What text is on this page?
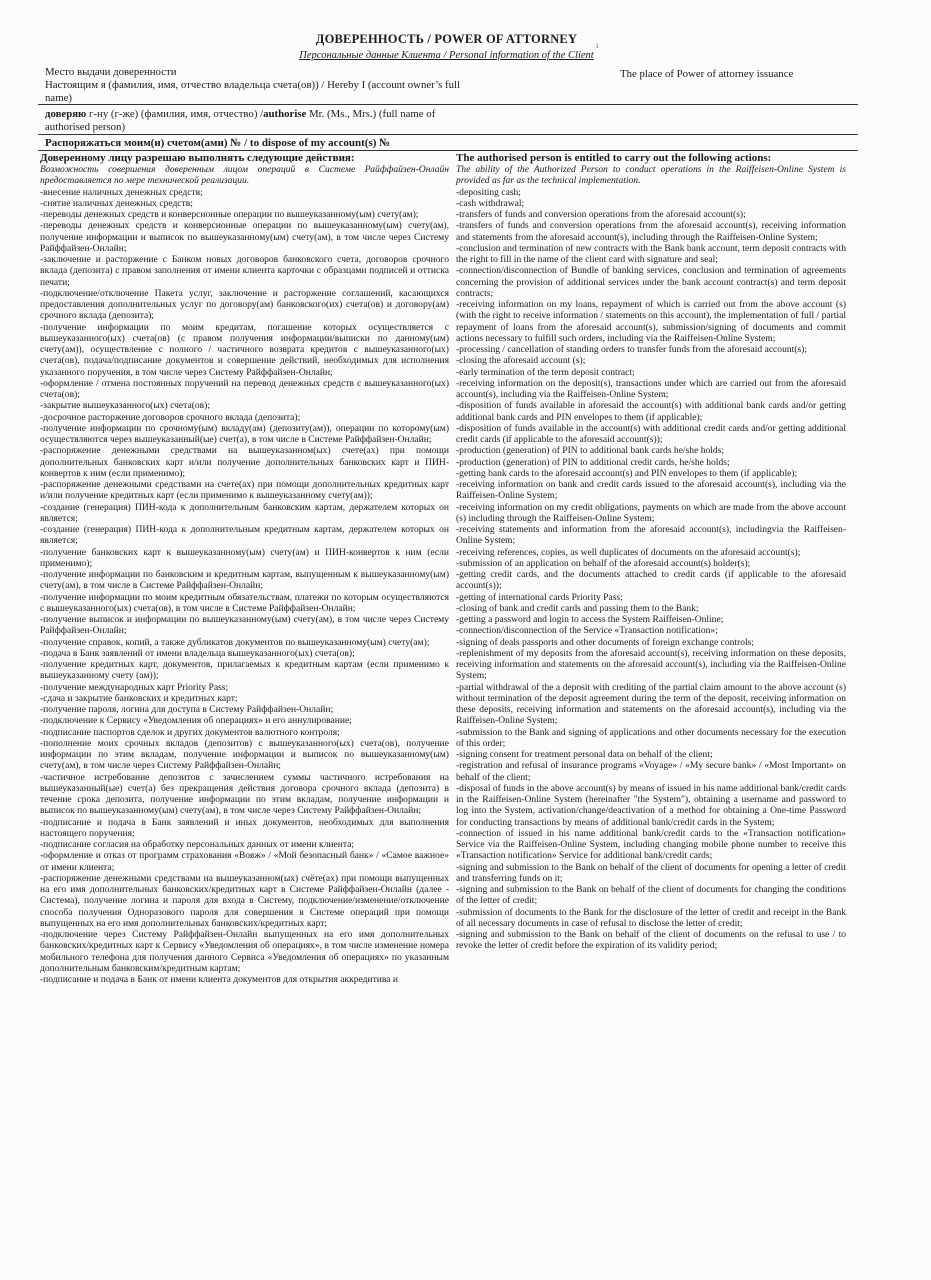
ДОВЕРЕННОСТЬ / POWER OF ATTORNEY	ı
Персональные данные Клиента / Personal information of the Client
Место выдачи доверенности	The place of Power of attorney issuance
Настоящим я (фамилия, имя, отчество владельца счета(ов)) / Hereby I (account owner’s full name)
доверяю г-ну (г-же) (фамилия, имя, отчество) /authorise Mr. (Ms., Mrs.) (full name of authorised person)
Распоряжаться моим(и) счетом(ами) № / to dispose of my account(s) №

Доверенному лицу разрешаю выполнять следующие действия:

Возможность совершения доверенным лицом операций в Системе Райффайзен-Онлайн предоставляется по мере технической реализации.

-внесение наличных денежных средств;

-снятие наличных денежных средств;

-переводы денежных средств и конверсионные операции по вышеуказанному(ым) счету(ам);

-переводы денежных средств и конверсионные операции по вышеуказанному(ым) счету(ам), получение информации и выписок по вышеуказанному(ым) счету(ам), в том числе через Систему Райффайзен-Онлайн;

-заключение и расторжение с Банком новых договоров банковского счета, договоров срочного вклада (депозита) с правом заполнения от имени клиента карточки с образцами подписей и оттиска печати;

-подключение/отключение Пакета услуг, заключение и расторжение соглашений, касающихся предоставления дополнительных услуг по договору(ам) банковского(их) счета(ов) и договору(ам) срочного вклада (депозита);

-получение информации по моим кредитам, погашение которых осуществляется с вышеуказанного(ых) счета(ов) (с правом получения информации/выписки по данному(ым) счету(ам)), осуществление с полного / частичного возврата кредитов с вышеуказанного(ых) счета(ов), подача/подписание документов и совершение действий, необходимых для исполнения указанного поручения, в том числе через Систему Райффайзен-Онлайн;

-оформление / отмена постоянных поручений на перевод денежных средств с вышеуказанного(ых) счета(ов);

-закрытие вышеуказанного(ых) счета(ов);

-досрочное расторжение договоров срочного вклада (депозита);

-получение информации по срочному(ым) вкладу(ам) (депозиту(ам)), операции по которому(ым) осуществляются через вышеуказанный(ые) счет(а), в том числе в Системе Райффайзен-Онлайн;

-распоряжение денежными средствами на вышеуказанном(ых) счете(ах) при помощи дополнительных банковских карт и/или получение дополнительных банковских карт и ПИН-конвертов к ним (если применимо);

-распоряжение денежными средствами на счете(ах) при помощи дополнительных кредитных карт и/или получение кредитных карт (если применимо к вышеуказанному счету(ам));

-создание (генерация) ПИН-кода к дополнительным банковским картам, держателем которых он является;

-создание (генерация) ПИН-кода к дополнительным кредитным картам, держателем которых он является;

-получение банковских карт к вышеуказанному(ым) счету(ам) и ПИН-конвертов к ним (если применимо);

-получение информации по банковским и кредитным картам, выпущенным к вышеуказанному(ым) счету(ам), в том числе в Системе Райффайзен-Онлайн;

-получение информации по моим кредитным обязательствам, платежи по которым осуществляются с вышеуказанного(ых) счета(ов), в том числе в Системе Райффайзен-Онлайн;

-получение выписок и информации по вышеуказанному(ым) счету(ам), в том числе через Систему Райффайзен-Онлайн;

-получение справок, копий, а также дубликатов документов по вышеуказанному(ым) счету(ам);

-подача в Банк заявлений от имени владельца вышеуказанного(ых) счета(ов);

-получение кредитных карт, документов, прилагаемых к кредитным картам (если применимо к вышеуказанному счету (ам));

-получение международных карт Priority Pass;

-сдача и закрытие банковских и кредитных карт;

-получение пароля, логина для доступа в Систему Райффайзен-Онлайн;

-подключение к Сервису «Уведомления об операциях» и его аннулирование;

-подписание паспортов сделок и других документов валютного контроля;

-пополнение моих срочных вкладов (депозитов) с вышеуказанного(ых) счета(ов), получение информации по этим вкладам, получение информации и выписок по вышеуказанному(ым) счету(ам), в том числе через Систему Райффайзен-Онлайн;

-частичное истребование депозитов с зачислением суммы частичного истребования на вышеуказанный(ые) счет(а) без прекращения действия договора срочного вклада (депозита) в течение срока депозита, получение информации по этим вкладам, получение информации и выписок по вышеуказанному(ым) счету(ам), в том числе через Систему Райффайзен-Онлайн;

-подписание и подача в Банк заявлений и иных документов, необходимых для выполнения настоящего поручения;

-подписание согласия на обработку персональных данных от имени клиента;

-оформление и отказ от программ страхования «Вояж» / «Мой безопасный банк» / «Самое важное» от имени клиента;

-распоряжение денежными средствами на вышеуказанном(ых) счёте(ах) при помощи выпущенных на его имя дополнительных банковских/кредитных карт в Системе Райффайзен-Онлайн (далее - Система), получение логина и пароля для входа в Систему, подключение/изменение/отключение способа получения Одноразового пароля для совершения в Системе операций при помощи выпущенных на его имя дополнительных банковских/кредитных карт;

-подключение через Систему Райффайзен-Онлайн выпущенных на его имя дополнительных банковских/кредитных карт к Сервису «Уведомления об операциях», в том числе изменение номера мобильного телефона для получения данного Сервиса «Уведомления об операциях» по указанным дополнительным банковским/кредитным картам;

-подписание и подача в Банк от имени клиента документов для открытия аккредитива и

The authorised person is entitled to carry out the following actions:

The ability of the Authorized Person to conduct operations in the Raiffeisen-Online System is provided as far as the technical implementation.

-depositing cash;

-cash withdrawal;

-transfers of funds and conversion operations from the aforesaid account(s);

-transfers of funds and conversion operations from the aforesaid account(s), receiving information and statements from the aforesaid account(s), including through the Raiffeisen-Online System;

-conclusion and termination of new contracts with the Bank bank account, term deposit contracts with the right to fill in the name of the client card with signature and seal;

-connection/disconnection of Bundle of banking services, conclusion and termination of agreements concerning the provision of additional services under the bank account contract(s) and term deposit contracts;

-receiving information on my loans, repayment of which is carried out from the above account (s) (with the right to receive information / statements on this account), the implementation of full / partial repayment of loans from the aforesaid account(s), submission/signing of documents and commit actions necessary to fulfill such orders, including via the Raiffeisen-Online System;

-processing / cancellation of standing orders to transfer funds from the aforesaid account(s);

-closing the aforesaid account (s);

-early termination of the term deposit contract;

-receiving information on the deposit(s), transactions under which are carried out from the aforesaid account(s), including via the Raiffeisen-Online System;

-disposition of funds available in aforesaid the account(s) with additional bank cards and/or getting additional bank cards and PIN envelopes to them (if applicable);

-disposition of funds available in the account(s) with additional credit cards and/or getting additional credit cards (if applicable to the aforesaid account(s));

-production (generation) of PIN to additional bank cards he/she holds;

-production (generation) of PIN to additional credit cards, he/she holds;

-getting bank cards to the aforesaid account(s) and PIN envelopes to them (if applicable);

-receiving information on bank and credit cards issued to the aforesaid account(s), including via the Raiffeisen-Online System;

-receiving information on my credit obligations, payments on which are made from the above account (s) including through the Raiffeisen-Online System;

-receiving statements and information from the aforesaid account(s), includingvia the Raiffeisen-Online System;

-receiving references, copies, as well duplicates of documents on the aforesaid account(s);

-submission of an application on behalf of the aforesaid account(s) holder(s);

-getting credit cards, and the documents attached to credit cards (if applicable to the aforesaid account(s));

-getting of international cards Priority Pass;

-closing of bank and credit cards and passing them to the Bank;

-getting a password and login to access the System Raiffeisen-Online;

-connection/disconnection of the Service «Transaction notification»;

-signing of deals passports and other documents of foreign exchange controls;

-replenishment of my deposits from the aforesaid account(s), receiving information on these deposits, receiving information and statements on the aforesaid account(s), including via the Raiffeisen-Online System;

-partial withdrawal of the a deposit with crediting of the partial claim amount to the above account (s) without termination of the deposit agreement during the term of the deposit, receiving information on these deposits, receiving information and statements on the aforesaid account(s), including via the Raiffeisen-Online System;

-submission to the Bank and signing of applications and other documents necessary for the execution of this order;

-signing consent for treatment personal data on behalf of the client;

-registration and refusal of insurance programs «Voyage» / «My secure bank» / «Most Important» on behalf of the client;

-disposal of funds in the above account(s) by means of issued in his name additional bank/credit cards in the Raiffeisen-Online System (hereinafter "the System"), obtaining a username and password to log into the System, activation/change/deactivation of a method for obtaining a One-time Password for conducting transactions by means of additional bank/credit cards in the System;

-connection of issued in his name additional bank/credit cards to the «Transaction notification» Service via the Raiffeisen-Online System, including changing mobile phone number to receive this «Transaction notification» Service for additional bank/credit cards;

-signing and submission to the Bank on behalf of the client of documents for opening a letter of credit and transferring funds on it;

-signing and submission to the Bank on behalf of the client of documents for changing the conditions of the letter of credit;

-submission of documents to the Bank for the disclosure of the letter of credit and receipt in the Bank of all necessary documents in case of refusal to disclose the letter of credit;

-signing and submission to the Bank on behalf of the client of documents on the refusal to use / to revoke the letter of credit before the expiration of its validity period;
